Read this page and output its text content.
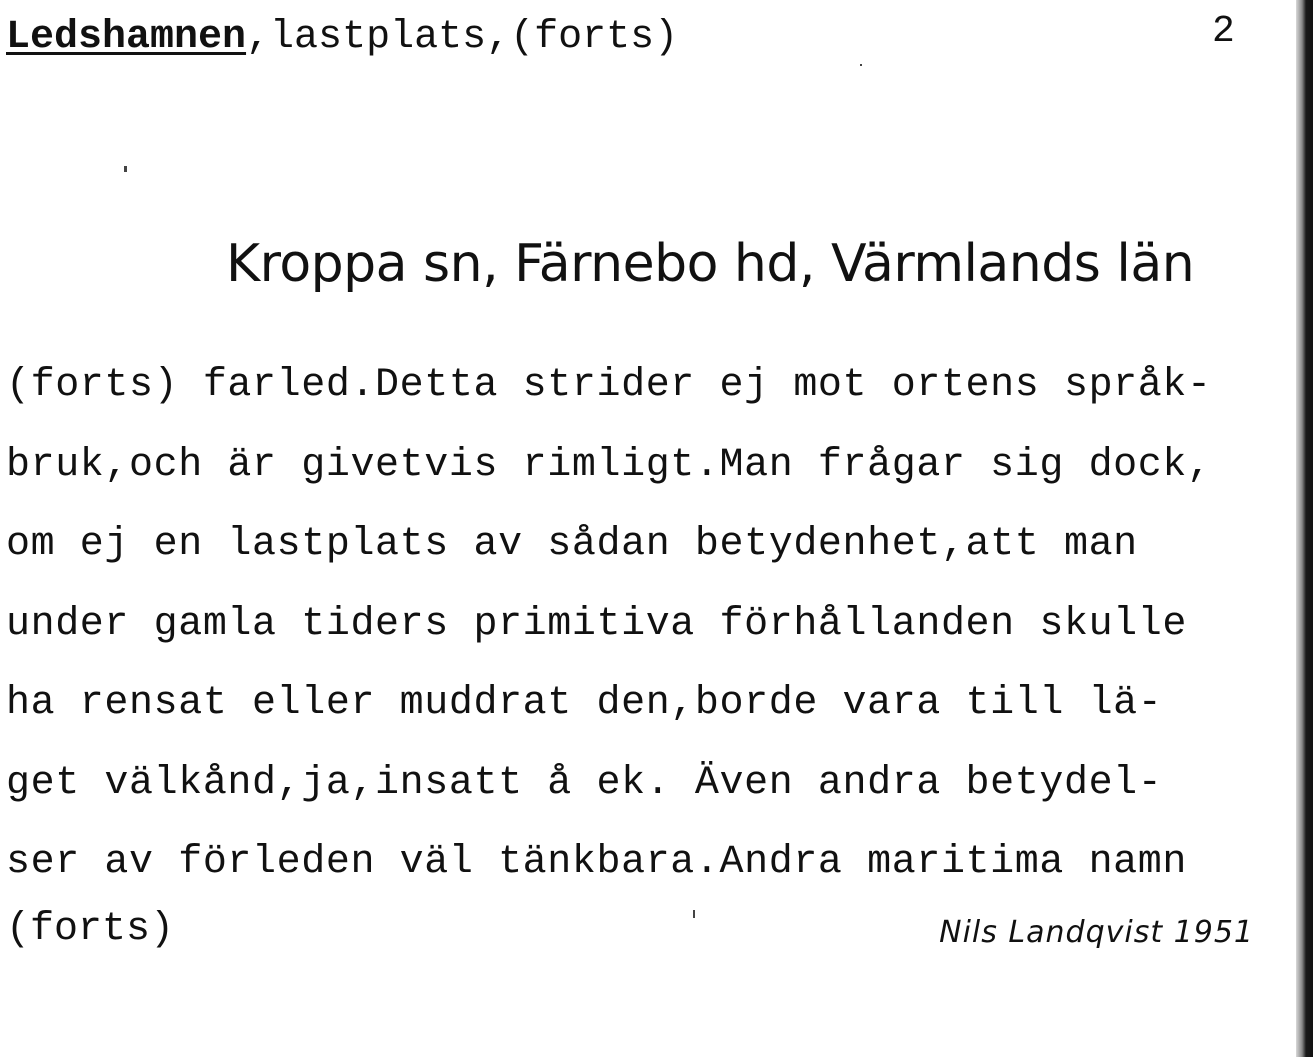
Ledshamnen,lastplats,(forts)	2
Kroppa sn, Färnebo hd, Värmlands län
(forts) farled.Detta strider ej mot ortens språk-
bruk,och är givetvis rimligt.Man frågar sig dock,
om ej en lastplats av sådan betydenhet,att man
under gamla tiders primitiva förhållanden skulle
ha rensat eller muddrat den,borde vara till lä-
get välkånd,ja,insatt å ek. Även andra betydel-
ser av förleden väl tänkbara.Andra maritima namn
(forts)	Nils Landqvist 1951
